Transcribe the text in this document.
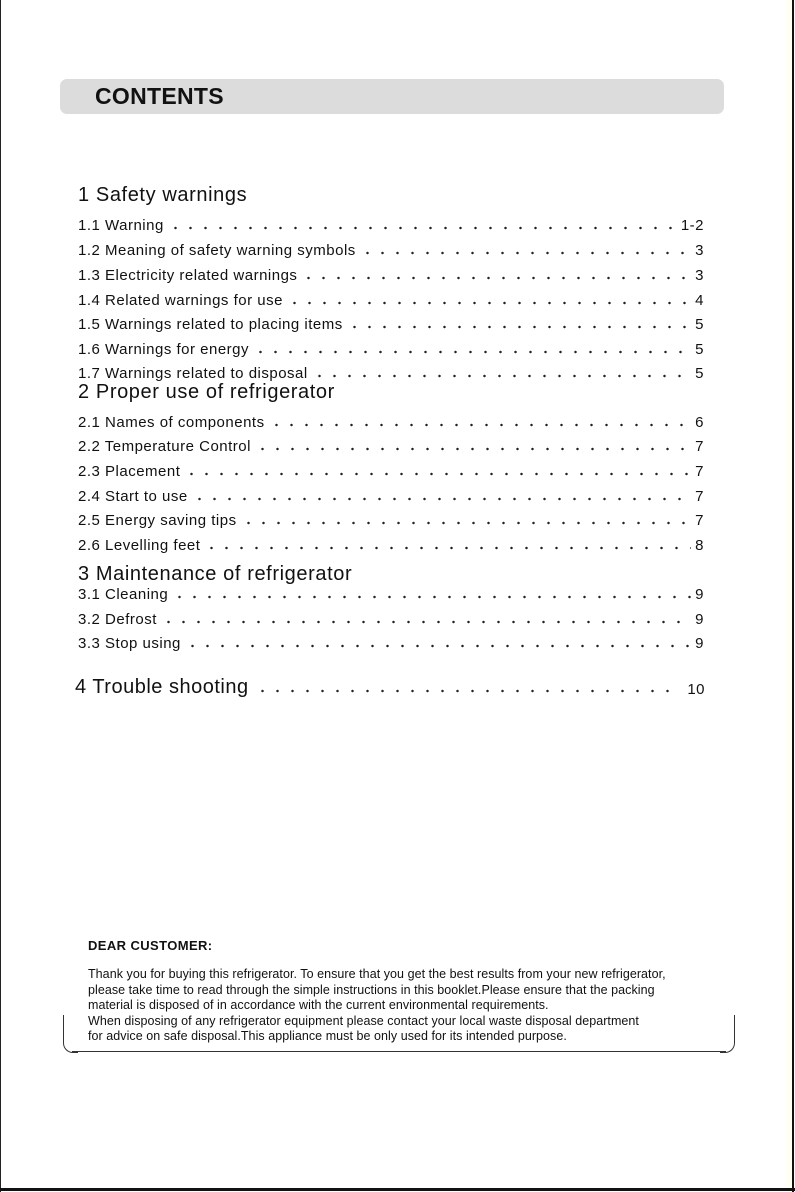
CONTENTS
1 Safety warnings
1.1 Warning	1-2
1.2 Meaning of safety warning symbols	3
1.3 Electricity related warnings	3
1.4 Related warnings for use	4
1.5 Warnings related to placing items	5
1.6 Warnings for energy	5
1.7 Warnings related to disposal	5
2 Proper use of refrigerator
2.1 Names of components	6
2.2 Temperature Control	7
2.3 Placement	7
2.4 Start to use	7
2.5 Energy saving tips	7
2.6 Levelling feet	8
3 Maintenance of refrigerator
3.1 Cleaning	9
3.2 Defrost	9
3.3 Stop using	9
4 Trouble shooting	10
DEAR CUSTOMER:
Thank you for buying this refrigerator. To ensure that you get the best results from your new refrigerator,
please take time to read through the simple instructions in this booklet.Please ensure that the packing
material is disposed of in accordance with the current environmental requirements.
When disposing of any refrigerator equipment please contact your local waste disposal department
for advice on safe disposal.This appliance must be only used for its intended purpose.
